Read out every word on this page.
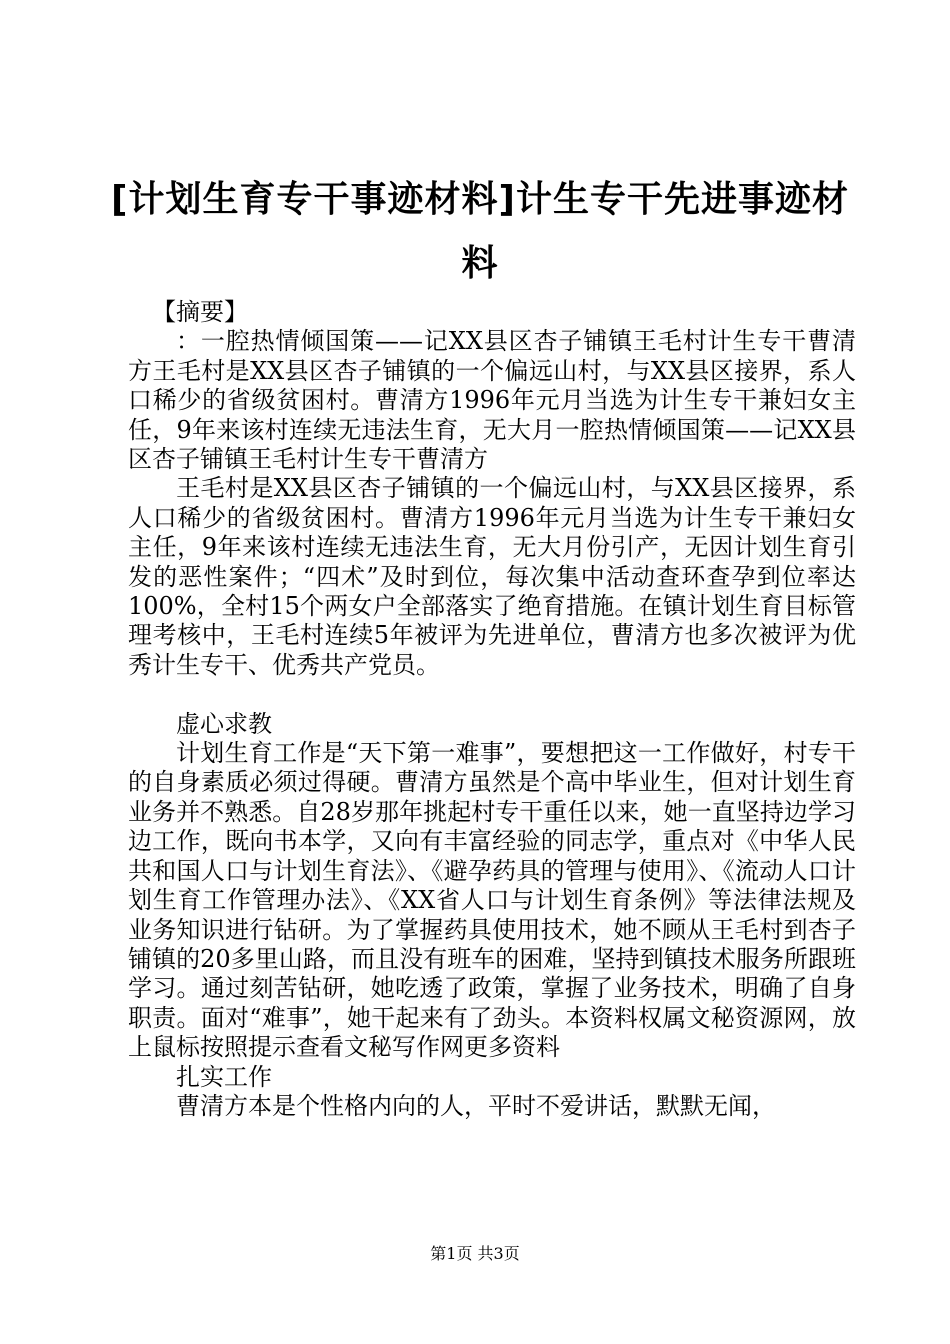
[计划生育专干事迹材料]计生专干先进事迹材料

【摘要】

：一腔热情倾国策——记XX县区杏子铺镇王毛村计生专干曹清方王毛村是XX县区杏子铺镇的一个偏远山村，与XX县区接界，系人口稀少的省级贫困村。曹清方1996年元月当选为计生专干兼妇女主任，9年来该村连续无违法生育，无大月一腔热情倾国策——记XX县区杏子铺镇王毛村计生专干曹清方

王毛村是XX县区杏子铺镇的一个偏远山村，与XX县区接界，系人口稀少的省级贫困村。曹清方1996年元月当选为计生专干兼妇女主任，9年来该村连续无违法生育，无大月份引产，无因计划生育引发的恶性案件；“四术”及时到位，每次集中活动查环查孕到位率达100%，全村15个两女户全部落实了绝育措施。在镇计划生育目标管理考核中，王毛村连续5年被评为先进单位，曹清方也多次被评为优秀计生专干、优秀共产党员。

虚心求教

计划生育工作是“天下第一难事”，要想把这一工作做好，村专干的自身素质必须过得硬。曹清方虽然是个高中毕业生，但对计划生育业务并不熟悉。自28岁那年挑起村专干重任以来，她一直坚持边学习边工作，既向书本学，又向有丰富经验的同志学，重点对《中华人民共和国人口与计划生育法》、《避孕药具的管理与使用》、《流动人口计划生育工作管理办法》、《XX省人口与计划生育条例》等法律法规及业务知识进行钻研。为了掌握药具使用技术，她不顾从王毛村到杏子铺镇的20多里山路，而且没有班车的困难，坚持到镇技术服务所跟班学习。通过刻苦钻研，她吃透了政策，掌握了业务技术，明确了自身职责。面对“难事”，她干起来有了劲头。本资料权属文秘资源网，放上鼠标按照提示查看文秘写作网更多资料

扎实工作

曹清方本是个性格内向的人，平时不爱讲话，默默无闻，

第1页 共3页
